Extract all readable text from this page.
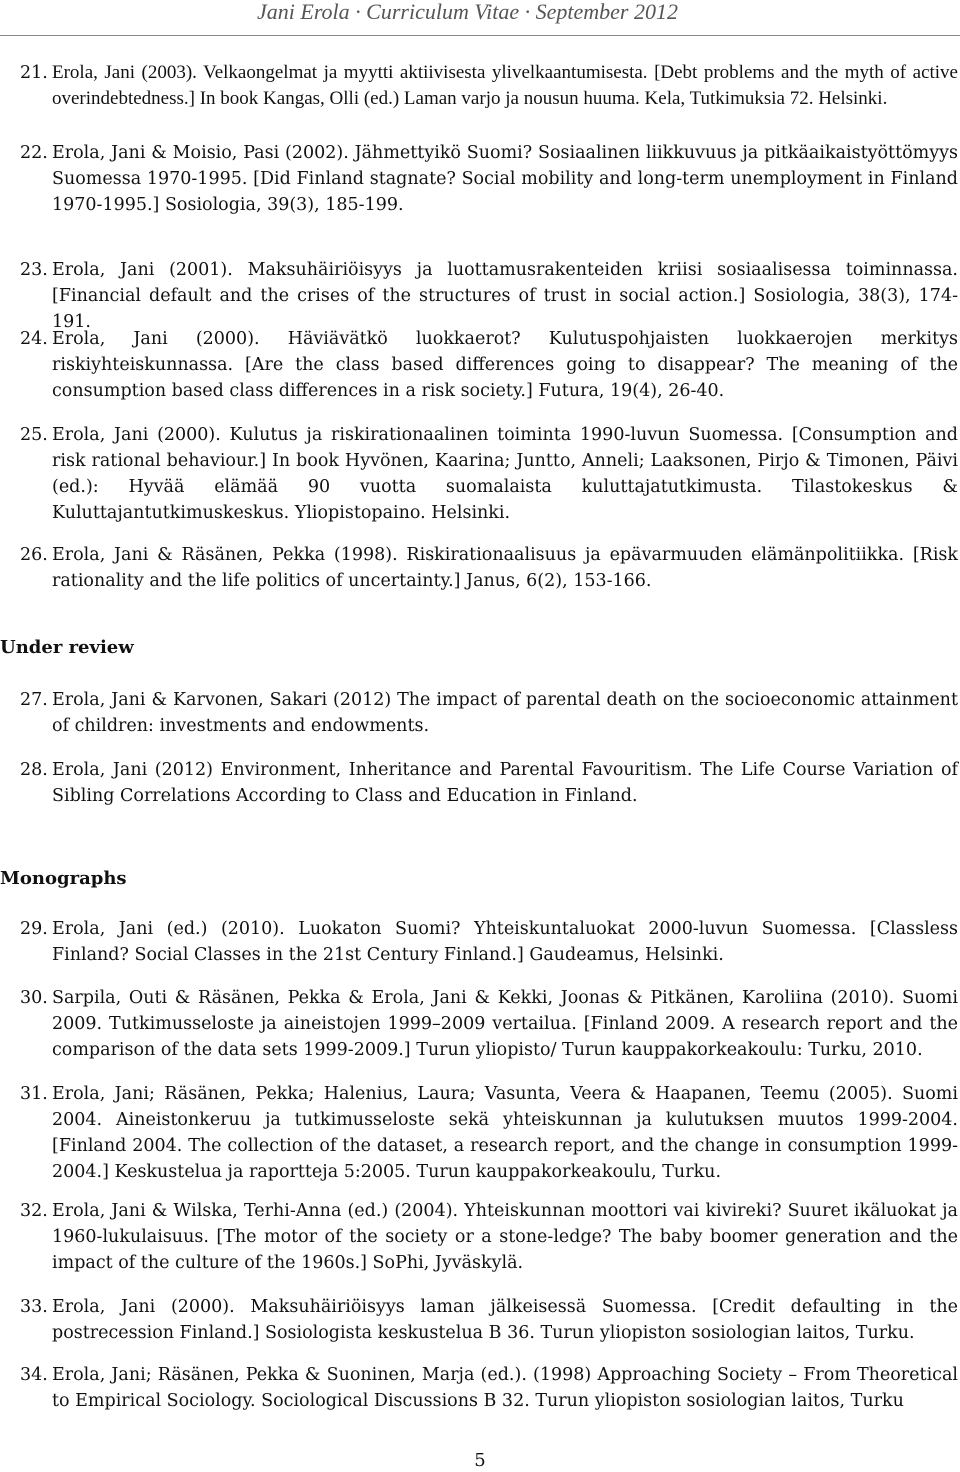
Jani Erola · Curriculum Vitae · September 2012
21. Erola, Jani (2003). Velkaongelmat ja myytti aktiivisesta ylivelkaantumisesta. [Debt problems and the myth of active overindebtedness.] In book Kangas, Olli (ed.) Laman varjo ja nousun huuma. Kela, Tutkimuksia 72. Helsinki.
22. Erola, Jani & Moisio, Pasi (2002). Jähmettyikö Suomi? Sosiaalinen liikkuvuus ja pitkäaikaistyöttömyys Suomessa 1970-1995. [Did Finland stagnate? Social mobility and long-term unemployment in Finland 1970-1995.] Sosiologia, 39(3), 185-199.
23. Erola, Jani (2001). Maksuhäiriöisyys ja luottamusrakenteiden kriisi sosiaalisessa toiminnassa. [Financial default and the crises of the structures of trust in social action.] Sosiologia, 38(3), 174-191.
24. Erola, Jani (2000). Häviävätkö luokkaerot? Kulutuspohjaisten luokkaerojen merkitys riskiyhteiskunnassa. [Are the class based differences going to disappear? The meaning of the consumption based class differences in a risk society.] Futura, 19(4), 26-40.
25. Erola, Jani (2000). Kulutus ja riskirationaalinen toiminta 1990-luvun Suomessa. [Consumption and risk rational behaviour.] In book Hyvönen, Kaarina; Juntto, Anneli; Laaksonen, Pirjo & Timonen, Päivi (ed.): Hyvää elämää 90 vuotta suomalaista kuluttajatutkimusta. Tilastokeskus & Kuluttajantutkimuskeskus. Yliopistopaino. Helsinki.
26. Erola, Jani & Räsänen, Pekka (1998). Riskirationaalisuus ja epävarmuuden elämänpolitiikka. [Risk rationality and the life politics of uncertainty.] Janus, 6(2), 153-166.
Under review
27. Erola, Jani & Karvonen, Sakari (2012) The impact of parental death on the socioeconomic attainment of children: investments and endowments.
28. Erola, Jani (2012) Environment, Inheritance and Parental Favouritism. The Life Course Variation of Sibling Correlations According to Class and Education in Finland.
Monographs
29. Erola, Jani (ed.) (2010). Luokaton Suomi? Yhteiskuntaluokat 2000-luvun Suomessa. [Classless Finland? Social Classes in the 21st Century Finland.] Gaudeamus, Helsinki.
30. Sarpila, Outi & Räsänen, Pekka & Erola, Jani & Kekki, Joonas & Pitkänen, Karoliina (2010). Suomi 2009. Tutkimusseloste ja aineistojen 1999–2009 vertailua. [Finland 2009. A research report and the comparison of the data sets 1999-2009.] Turun yliopisto/ Turun kauppakorkeakoulu: Turku, 2010.
31. Erola, Jani; Räsänen, Pekka; Halenius, Laura; Vasunta, Veera & Haapanen, Teemu (2005). Suomi 2004. Aineistonkeruu ja tutkimusseloste sekä yhteiskunnan ja kulutuksen muutos 1999-2004. [Finland 2004. The collection of the dataset, a research report, and the change in consumption 1999-2004.] Keskustelua ja raportteja 5:2005. Turun kauppakorkeakoulu, Turku.
32. Erola, Jani & Wilska, Terhi-Anna (ed.) (2004). Yhteiskunnan moottori vai kivireki? Suuret ikäluokat ja 1960-lukulaisuus. [The motor of the society or a stone-ledge? The baby boomer generation and the impact of the culture of the 1960s.] SoPhi, Jyväskylä.
33. Erola, Jani (2000). Maksuhäiriöisyys laman jälkeisessä Suomessa. [Credit defaulting in the postrecession Finland.] Sosiologista keskustelua B 36. Turun yliopiston sosiologian laitos, Turku.
34. Erola, Jani; Räsänen, Pekka & Suoninen, Marja (ed.). (1998) Approaching Society – From Theoretical to Empirical Sociology. Sociological Discussions B 32. Turun yliopiston sosiologian laitos, Turku
5
